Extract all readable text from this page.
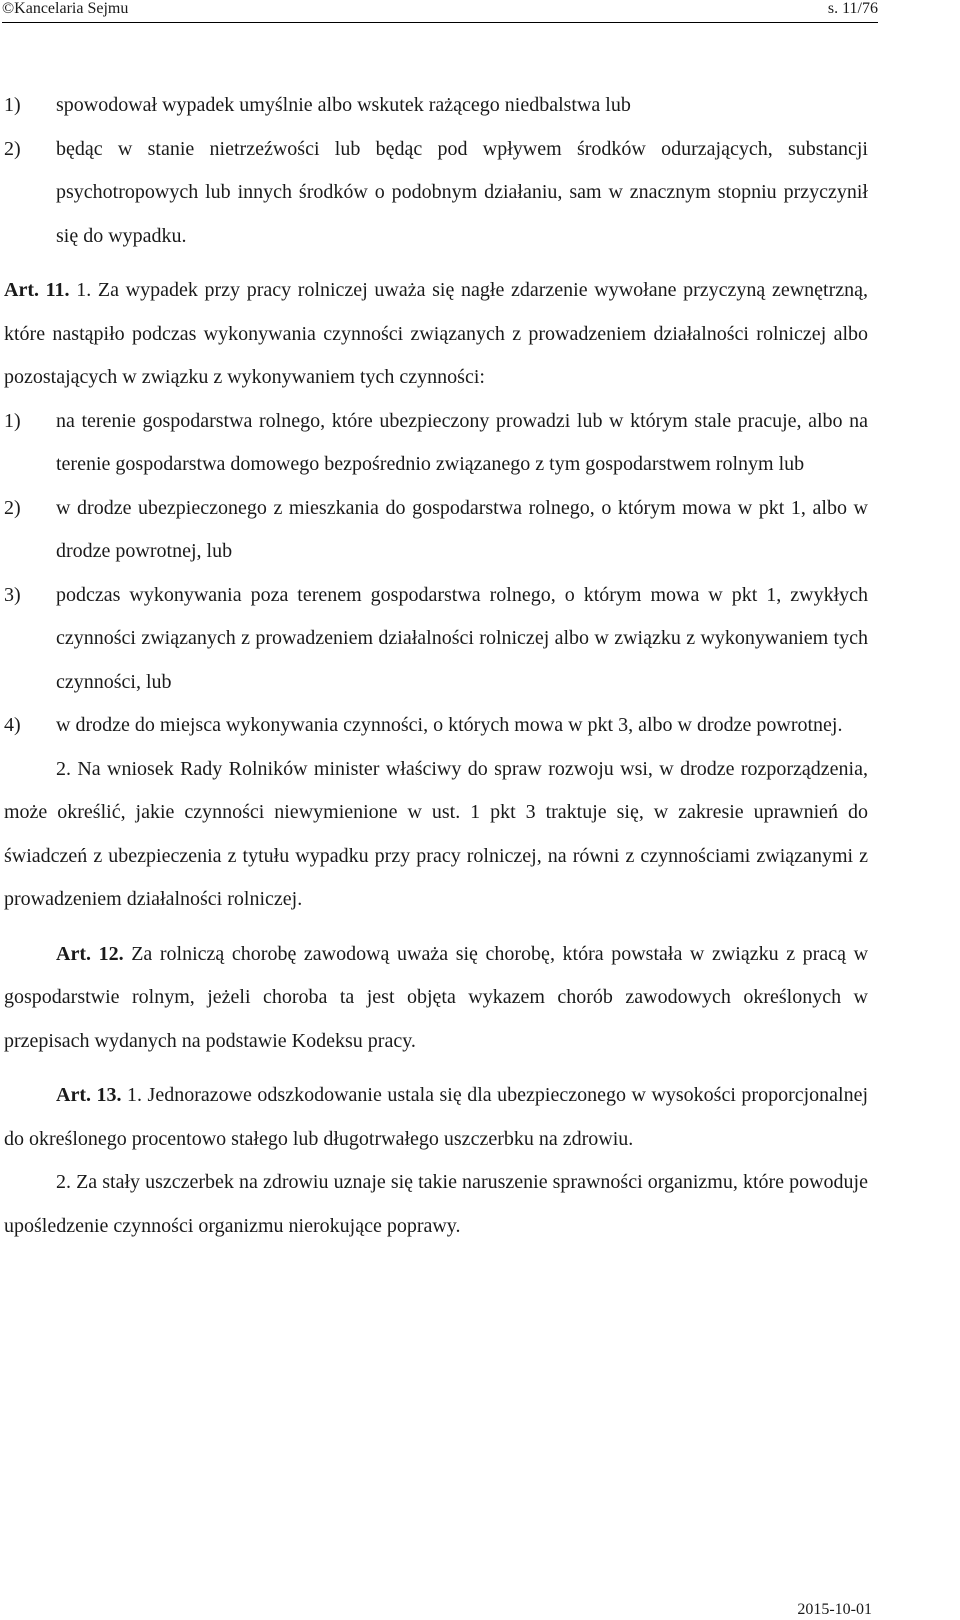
©Kancelaria Sejmu	s. 11/76
1)	spowodował wypadek umyślnie albo wskutek rażącego niedbalstwa lub
2)	będąc w stanie nietrzeźwości lub będąc pod wpływem środków odurzających, substancji psychotropowych lub innych środków o podobnym działaniu, sam w znacznym stopniu przyczynił się do wypadku.

Art. 11. 1. Za wypadek przy pracy rolniczej uważa się nagłe zdarzenie wywołane przyczyną zewnętrzną, które nastąpiło podczas wykonywania czynności związanych z prowadzeniem działalności rolniczej albo pozostających w związku z wykonywaniem tych czynności:

1)	na terenie gospodarstwa rolnego, które ubezpieczony prowadzi lub w którym stale pracuje, albo na terenie gospodarstwa domowego bezpośrednio związanego z tym gospodarstwem rolnym lub
2)	w drodze ubezpieczonego z mieszkania do gospodarstwa rolnego, o którym mowa w pkt 1, albo w drodze powrotnej, lub
3)	podczas wykonywania poza terenem gospodarstwa rolnego, o którym mowa w pkt 1, zwykłych czynności związanych z prowadzeniem działalności rolniczej albo w związku z wykonywaniem tych czynności, lub
4)	w drodze do miejsca wykonywania czynności, o których mowa w pkt 3, albo w drodze powrotnej.

2. Na wniosek Rady Rolników minister właściwy do spraw rozwoju wsi, w drodze rozporządzenia, może określić, jakie czynności niewymienione w ust. 1 pkt 3 traktuje się, w zakresie uprawnień do świadczeń z ubezpieczenia z tytułu wypadku przy pracy rolniczej, na równi z czynnościami związanymi z prowadzeniem działalności rolniczej.

Art. 12. Za rolniczą chorobę zawodową uważa się chorobę, która powstała w związku z pracą w gospodarstwie rolnym, jeżeli choroba ta jest objęta wykazem chorób zawodowych określonych w przepisach wydanych na podstawie Kodeksu pracy.

Art. 13. 1. Jednorazowe odszkodowanie ustala się dla ubezpieczonego w wysokości proporcjonalnej do określonego procentowo stałego lub długotrwałego uszczerbku na zdrowiu.

2. Za stały uszczerbek na zdrowiu uznaje się takie naruszenie sprawności organizmu, które powoduje upośledzenie czynności organizmu nierokujące poprawy.

2015-10-01
